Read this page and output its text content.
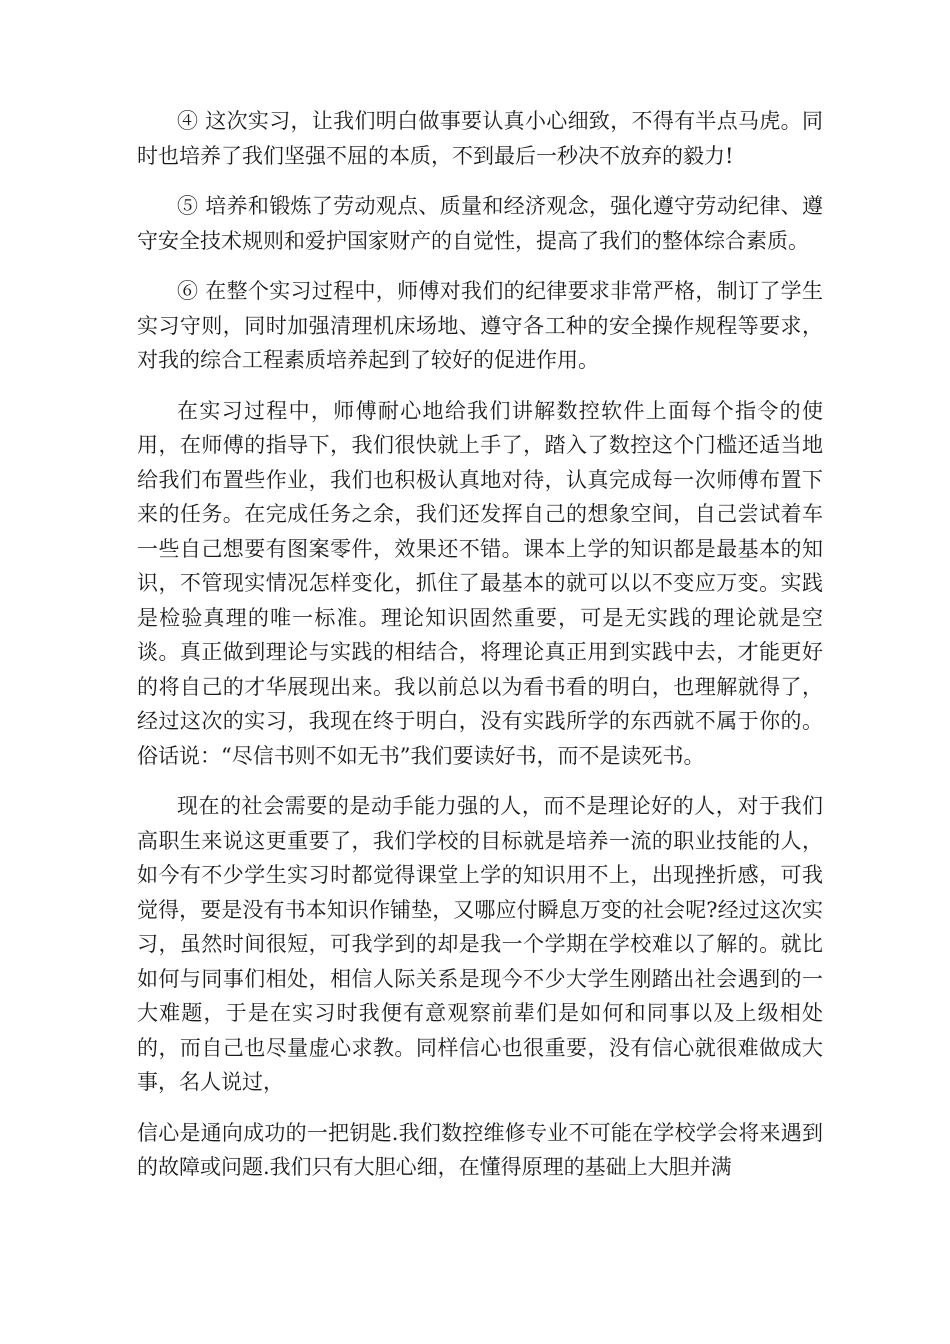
④ 这次实习，让我们明白做事要认真小心细致，不得有半点马虎。同时也培养了我们坚强不屈的本质，不到最后一秒决不放弃的毅力!

⑤ 培养和锻炼了劳动观点、质量和经济观念，强化遵守劳动纪律、遵守安全技术规则和爱护国家财产的自觉性，提高了我们的整体综合素质。

⑥ 在整个实习过程中，师傅对我们的纪律要求非常严格，制订了学生实习守则，同时加强清理机床场地、遵守各工种的安全操作规程等要求，对我的综合工程素质培养起到了较好的促进作用。

在实习过程中，师傅耐心地给我们讲解数控软件上面每个指令的使用，在师傅的指导下，我们很快就上手了，踏入了数控这个门槛还适当地给我们布置些作业，我们也积极认真地对待，认真完成每一次师傅布置下来的任务。在完成任务之余，我们还发挥自己的想象空间，自己尝试着车一些自己想要有图案零件，效果还不错。课本上学的知识都是最基本的知识，不管现实情况怎样变化，抓住了最基本的就可以以不变应万变。实践是检验真理的唯一标准。理论知识固然重要，可是无实践的理论就是空谈。真正做到理论与实践的相结合，将理论真正用到实践中去，才能更好的将自己的才华展现出来。我以前总以为看书看的明白，也理解就得了，经过这次的实习，我现在终于明白，没有实践所学的东西就不属于你的。俗话说：“尽信书则不如无书”我们要读好书，而不是读死书。

现在的社会需要的是动手能力强的人，而不是理论好的人，对于我们高职生来说这更重要了，我们学校的目标就是培养一流的职业技能的人，如今有不少学生实习时都觉得课堂上学的知识用不上，出现挫折感，可我觉得，要是没有书本知识作铺垫，又哪应付瞬息万变的社会呢?经过这次实习，虽然时间很短，可我学到的却是我一个学期在学校难以了解的。就比如何与同事们相处，相信人际关系是现今不少大学生刚踏出社会遇到的一大难题，于是在实习时我便有意观察前辈们是如何和同事以及上级相处的，而自己也尽量虚心求教。同样信心也很重要，没有信心就很难做成大事，名人说过，

信心是通向成功的一把钥匙.我们数控维修专业不可能在学校学会将来遇到的故障或问题.我们只有大胆心细，在懂得原理的基础上大胆并满
